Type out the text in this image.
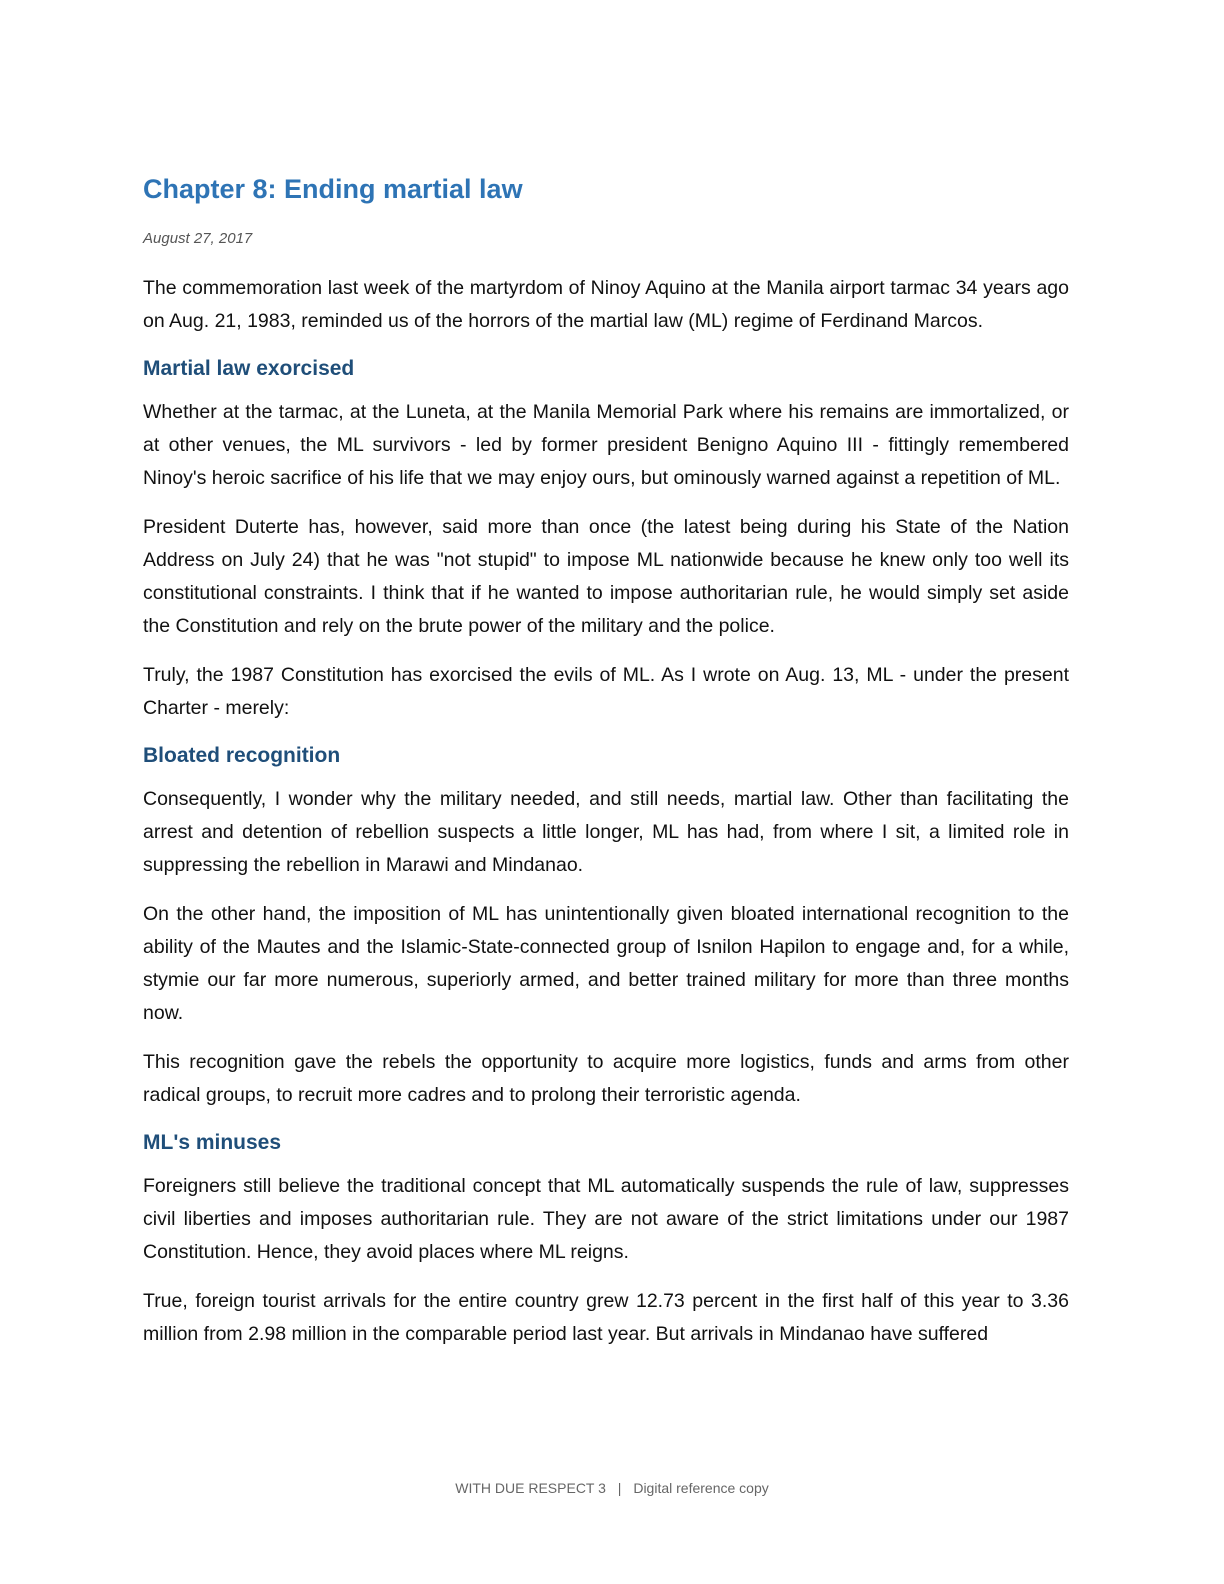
Chapter 8: Ending martial law
August 27, 2017

The commemoration last week of the martyrdom of Ninoy Aquino at the Manila airport tarmac 34 years ago on Aug. 21, 1983, reminded us of the horrors of the martial law (ML) regime of Ferdinand Marcos.

Martial law exorcised

Whether at the tarmac, at the Luneta, at the Manila Memorial Park where his remains are immortalized, or at other venues, the ML survivors - led by former president Benigno Aquino III - fittingly remembered Ninoy's heroic sacrifice of his life that we may enjoy ours, but ominously warned against a repetition of ML.

President Duterte has, however, said more than once (the latest being during his State of the Nation Address on July 24) that he was "not stupid" to impose ML nationwide because he knew only too well its constitutional constraints. I think that if he wanted to impose authoritarian rule, he would simply set aside the Constitution and rely on the brute power of the military and the police.

Truly, the 1987 Constitution has exorcised the evils of ML. As I wrote on Aug. 13, ML - under the present Charter - merely:

Bloated recognition

Consequently, I wonder why the military needed, and still needs, martial law. Other than facilitating the arrest and detention of rebellion suspects a little longer, ML has had, from where I sit, a limited role in suppressing the rebellion in Marawi and Mindanao.

On the other hand, the imposition of ML has unintentionally given bloated international recognition to the ability of the Mautes and the Islamic-State-connected group of Isnilon Hapilon to engage and, for a while, stymie our far more numerous, superiorly armed, and better trained military for more than three months now.

This recognition gave the rebels the opportunity to acquire more logistics, funds and arms from other radical groups, to recruit more cadres and to prolong their terroristic agenda.

ML's minuses

Foreigners still believe the traditional concept that ML automatically suspends the rule of law, suppresses civil liberties and imposes authoritarian rule. They are not aware of the strict limitations under our 1987 Constitution. Hence, they avoid places where ML reigns.

True, foreign tourist arrivals for the entire country grew 12.73 percent in the first half of this year to 3.36 million from 2.98 million in the comparable period last year. But arrivals in Mindanao have suffered

WITH DUE RESPECT 3 | Digital reference copy
